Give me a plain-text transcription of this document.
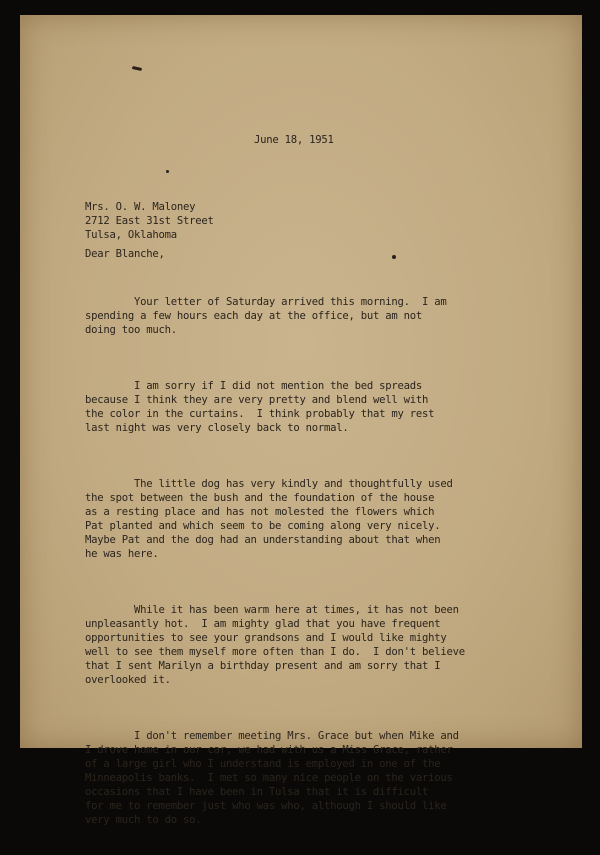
June 18, 1951
Mrs. O. W. Maloney
2712 East 31st Street
Tulsa, Oklahoma
Dear Blanche,

Your letter of Saturday arrived this morning.  I am
spending a few hours each day at the office, but am not
doing too much.

I am sorry if I did not mention the bed spreads
because I think they are very pretty and blend well with
the color in the curtains.  I think probably that my rest
last night was very closely back to normal.

The little dog has very kindly and thoughtfully used
the spot between the bush and the foundation of the house
as a resting place and has not molested the flowers which
Pat planted and which seem to be coming along very nicely.
Maybe Pat and the dog had an understanding about that when
he was here.

While it has been warm here at times, it has not been
unpleasantly hot.  I am mighty glad that you have frequent
opportunities to see your grandsons and I would like mighty
well to see them myself more often than I do.  I don't believe
that I sent Marilyn a birthday present and am sorry that I
overlooked it.

I don't remember meeting Mrs. Grace but when Mike and
I drove home in our car, we had with us a Miss Grace, rather
of a large girl who I understand is employed in one of the
Minneapolis banks.  I met so many nice people on the various
occasions that I have been in Tulsa that it is difficult
for me to remember just who was who, although I should like
very much to do so.
